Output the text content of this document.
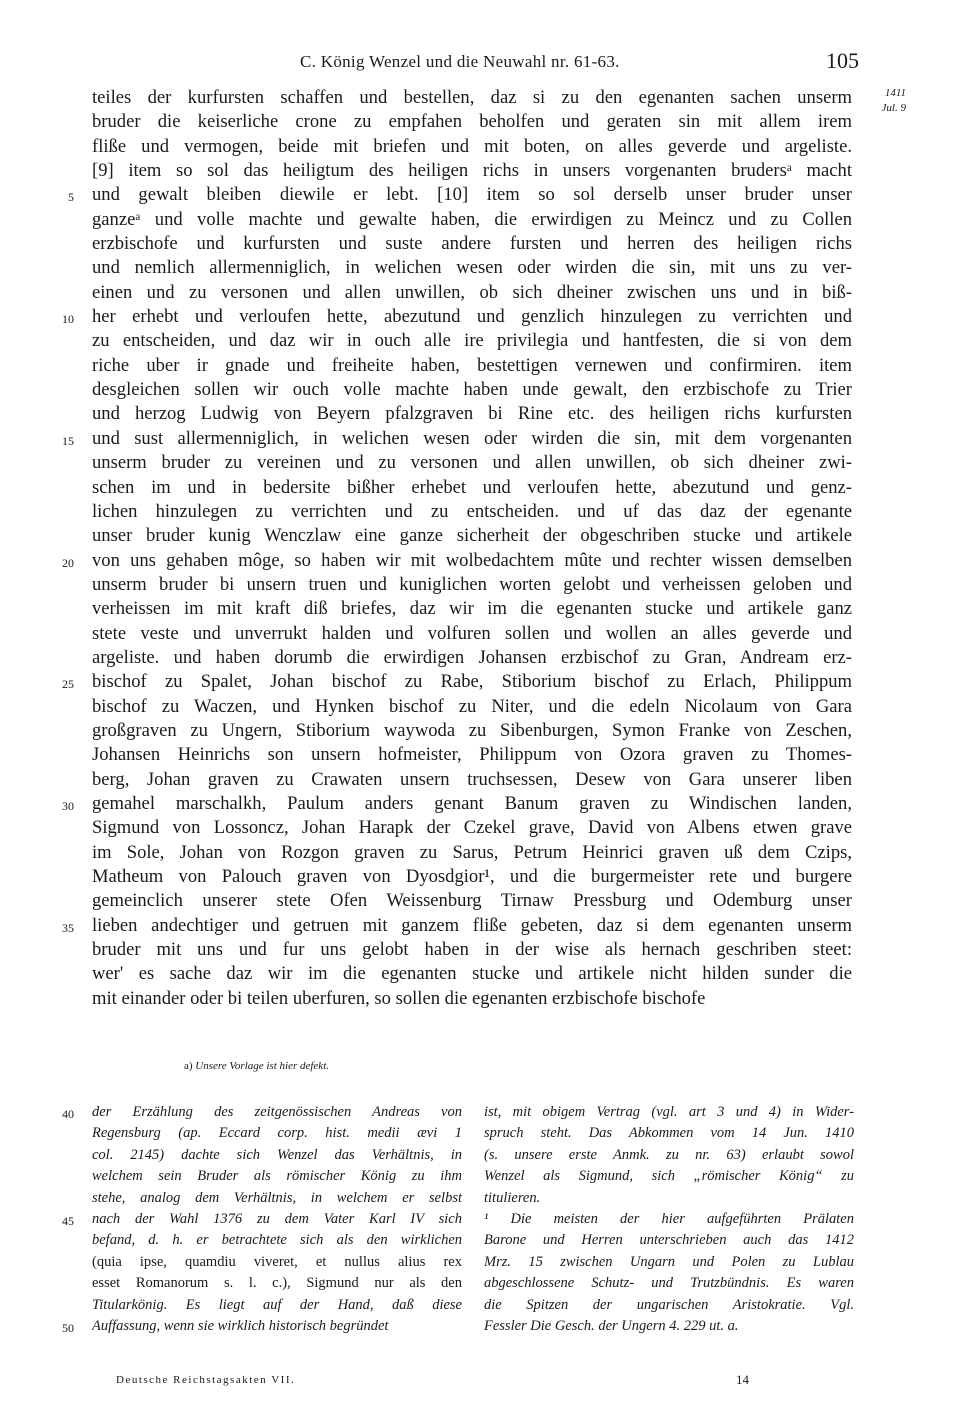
C. König Wenzel und die Neuwahl nr. 61-63.	105
1411
Jul. 9
teiles der kurfursten schaffen und bestellen, daz si zu den egenanten sachen unserm
bruder die keiserliche crone zu empfahen beholfen und geraten sin mit allem irem
fliße und vermogen, beide mit briefen und mit boten, on alles geverde und argeliste.
[9] item so sol das heiligtum des heiligen richs in unsers vorgenanten brudersᵃ macht
und gewalt bleiben diewile er lebt. [10] item so sol derselb unser bruder unser
ganzeᵃ und volle machte und gewalte haben, die erwirdigen zu Meincz und zu Collen
erzbischofe und kurfursten und suste andere fursten und herren des heiligen richs
und nemlich allermenniglich, in welichen wesen oder wirden die sin, mit uns zu ver-
einen und zu versonen und allen unwillen, ob sich dheiner zwischen uns und in biß-
her erhebt und verloufen hette, abezutund und genzlich hinzulegen zu verrichten und
zu entscheiden, und daz wir in ouch alle ire privilegia und hantfesten, die si von dem
riche uber ir gnade und freiheite haben, bestettigen vernewen und confirmiren. item
desgleichen sollen wir ouch volle machte haben unde gewalt, den erzbischofe zu Trier
und herzog Ludwig von Beyern pfalzgraven bi Rine etc. des heiligen richs kurfursten
und sust allermenniglich, in welichen wesen oder wirden die sin, mit dem vorgenanten
unserm bruder zu vereinen und zu versonen und allen unwillen, ob sich dheiner zwi-
schen im und in bedersite bißher erhebet und verloufen hette, abezutund und genz-
lichen hinzulegen zu verrichten und zu entscheiden. und uf das daz der egenante
unser bruder kunig Wenczlaw eine ganze sicherheit der obgeschriben stucke und artikele
von uns gehaben môge, so haben wir mit wolbedachtem mûte und rechter wissen demselben
unserm bruder bi unsern truen und kuniglichen worten gelobt und verheissen geloben und
verheissen im mit kraft diß briefes, daz wir im die egenanten stucke und artikele ganz
stete veste und unverrukt halden und volfuren sollen und wollen an alles geverde und
argeliste. und haben dorumb die erwirdigen Johansen erzbischof zu Gran, Andream erz-
bischof zu Spalet, Johan bischof zu Rabe, Stiborium bischof zu Erlach, Philippum
bischof zu Waczen, und Hynken bischof zu Niter, und die edeln Nicolaum von Gara
großgraven zu Ungern, Stiborium waywoda zu Sibenburgen, Symon Franke von Zeschen,
Johansen Heinrichs son unsern hofmeister, Philippum von Ozora graven zu Thomes-
berg, Johan graven zu Crawaten unsern truchsessen, Desew von Gara unserer liben
gemahel marschalkh, Paulum anders genant Banum graven zu Windischen landen,
Sigmund von Lossoncz, Johan Harapk der Czekel grave, David von Albens etwen grave
im Sole, Johan von Rozgon graven zu Sarus, Petrum Heinrici graven uß dem Czips,
Matheum von Palouch graven von Dyosdgior¹, und die burgermeister rete und burgere
gemeinclich unserer stete Ofen Weissenburg Tirnaw Pressburg und Odemburg unser
lieben andechtiger und getruen mit ganzem fliße gebeten, daz si dem egenanten unserm
bruder mit uns und fur uns gelobt haben in der wise als hernach geschriben steet:
wer' es sache daz wir im die egenanten stucke und artikele nicht hilden sunder die
mit einander oder bi teilen uberfuren, so sollen die egenanten erzbischofe bischofe
5
10
15
20
25
30
35
a) Unsere Vorlage ist hier defekt.
der Erzählung des zeitgenössischen Andreas von
Regensburg (ap. Eccard corp. hist. medii ævi 1
col. 2145) dachte sich Wenzel das Verhältnis, in
welchem sein Bruder als römischer König zu ihm
stehe, analog dem Verhältnis, in welchem er selbst
nach der Wahl 1376 zu dem Vater Karl IV sich
befand, d. h. er betrachtete sich als den wirklichen
(quia ipse, quamdiu viveret, et nullus alius rex
esset Romanorum s. l. c.), Sigmund nur als den
Titularkönig. Es liegt auf der Hand, daß diese
Auffassung, wenn sie wirklich historisch begründet
ist, mit obigem Vertrag (vgl. art 3 und 4) in Wider-
spruch steht. Das Abkommen vom 14 Jun. 1410
(s. unsere erste Anmk. zu nr. 63) erlaubt sowol
Wenzel als Sigmund, sich „römischer König“ zu
titulieren.
¹ Die meisten der hier aufgeführten Prälaten
Barone und Herren unterschrieben auch das 1412
Mrz. 15 zwischen Ungarn und Polen zu Lublau
abgeschlossene Schutz- und Trutzbündnis. Es waren
die Spitzen der ungarischen Aristokratie. Vgl.
Fessler Die Gesch. der Ungern 4. 229 ut. a.
40
45
50
Deutsche Reichstagsakten VII.	14
